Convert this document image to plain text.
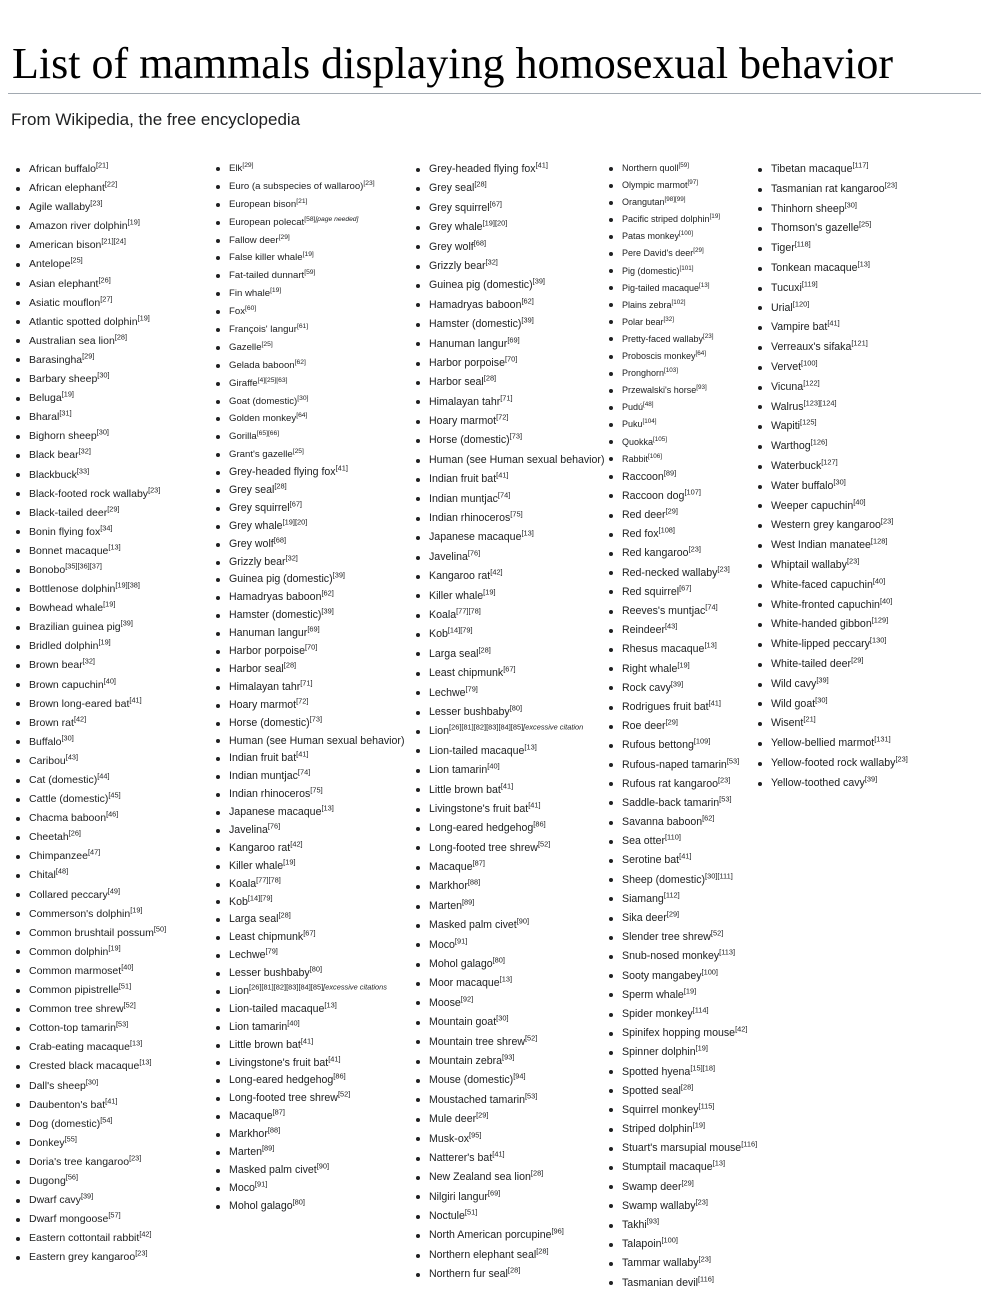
List of mammals displaying homosexual behavior

From Wikipedia, the free encyclopedia

African buffalo[21]
African elephant[22]
Agile wallaby[23]
Amazon river dolphin[19]
American bison[21][24]
Antelope[25]
Asian elephant[26]
Asiatic mouflon[27]
Atlantic spotted dolphin[19]
Australian sea lion[28]
Barasingha[29]
Barbary sheep[30]
Beluga[19]
Bharal[31]
Bighorn sheep[30]
Black bear[32]
Blackbuck[33]
Black-footed rock wallaby[23]
Black-tailed deer[29]
Bonin flying fox[34]
Bonnet macaque[13]
Bonobo[35][36][37]
Bottlenose dolphin[19][38]
Bowhead whale[19]
Brazilian guinea pig[39]
Bridled dolphin[19]
Brown bear[32]
Brown capuchin[40]
Brown long-eared bat[41]
Brown rat[42]
Buffalo[30]
Caribou[43]
Cat (domestic)[44]
Cattle (domestic)[45]
Chacma baboon[46]
Cheetah[26]
Chimpanzee[47]
Chital[48]
Collared peccary[49]
Commerson's dolphin[19]
Common brushtail possum[50]
Common dolphin[19]
Common marmoset[40]
Common pipistrelle[51]
Common tree shrew[52]
Cotton-top tamarin[53]
Crab-eating macaque[13]
Crested black macaque[13]
Dall's sheep[30]
Daubenton's bat[41]
Dog (domestic)[54]
Donkey[55]
Doria's tree kangaroo[23]
Dugong[56]
Dwarf cavy[39]
Dwarf mongoose[57]
Eastern cottontail rabbit[42]
Eastern grey kangaroo[23]
Elk[29]
Euro (a subspecies of wallaroo)[23]
European bison[21]
European polecat[58][page needed]
Fallow deer[29]
False killer whale[19]
Fat-tailed dunnart[59]
Fin whale[19]
Fox[60]
François' langur[61]
Gazelle[25]
Gelada baboon[62]
Giraffe[4][25][63]
Goat (domestic)[30]
Golden monkey[64]
Gorilla[65][66]
Grant's gazelle[25]
Grey-headed flying fox[41]
Grey seal[28]
Grey squirrel[67]
Grey whale[19][20]
Grey wolf[68]
Grizzly bear[32]
Guinea pig (domestic)[39]
Hamadryas baboon[62]
Hamster (domestic)[39]
Hanuman langur[69]
Harbor porpoise[70]
Harbor seal[28]
Himalayan tahr[71]
Hoary marmot[72]
Horse (domestic)[73]
Human (see Human sexual behavior)
Indian fruit bat[41]
Indian muntjac[74]
Indian rhinoceros[75]
Japanese macaque[13]
Javelina[76]
Kangaroo rat[42]
Killer whale[19]
Koala[77][78]
Kob[14][79]
Larga seal[28]
Least chipmunk[67]
Lechwe[79]
Lesser bushbaby[80]
Lion$^{[26][81][82][83][84][85][excessive citations}$
Lion-tailed macaque[13]
Lion tamarin[40]
Little brown bat[41]
Livingstone's fruit bat[41]
Long-eared hedgehog[86]
Long-footed tree shrew[52]
Macaque[87]
Markhor[88]
Marten[89]
Masked palm civet[90]
Moco[91]
Mohol galago[80]
Grey-headed flying fox[41]
Grey seal[28]
Grey squirrel[67]
Grey whale[19][20]
Grey wolf[68]
Grizzly bear[32]
Guinea pig (domestic)[39]
Hamadryas baboon[62]
Hamster (domestic)[39]
Hanuman langur[69]
Harbor porpoise[70]
Harbor seal[28]
Himalayan tahr[71]
Hoary marmot[72]
Horse (domestic)[73]
Human (see Human sexual behavior)
Indian fruit bat[41]
Indian muntjac[74]
Indian rhinoceros[75]
Japanese macaque[13]
Javelina[76]
Kangaroo rat[42]
Killer whale[19]
Koala[77][78]
Kob[14][79]
Larga seal[28]
Least chipmunk[67]
Lechwe[79]
Lesser bushbaby[80]
Lion$^{[26][81][82][83][84][85][excessive citation}$
Lion-tailed macaque[13]
Lion tamarin[40]
Little brown bat[41]
Livingstone's fruit bat[41]
Long-eared hedgehog[86]
Long-footed tree shrew[52]
Macaque[87]
Markhor[88]
Marten[89]
Masked palm civet[90]
Moco[91]
Mohol galago[80]
Moor macaque[13]
Moose[92]
Mountain goat[30]
Mountain tree shrew[52]
Mountain zebra[93]
Mouse (domestic)[94]
Moustached tamarin[53]
Mule deer[29]
Musk-ox[95]
Natterer's bat[41]
New Zealand sea lion[28]
Nilgiri langur[69]
Noctule[51]
North American porcupine[96]
Northern elephant seal[28]
Northern fur seal[28]
Northern quoll[59]
Olympic marmot[97]
Orangutan[98][99]
Pacific striped dolphin[19]
Patas monkey[100]
Pere David's deer[29]
Pig (domestic)[101]
Pig-tailed macaque[13]
Plains zebra[102]
Polar bear[32]
Pretty-faced wallaby[23]
Proboscis monkey[64]
Pronghorn[103]
Przewalski's horse[93]
Pudú[48]
Puku[104]
Quokka[105]
Rabbit[106]
Raccoon[89]
Raccoon dog[107]
Red deer[29]
Red fox[108]
Red kangaroo[23]
Red-necked wallaby[23]
Red squirrel[67]
Reeves's muntjac[74]
Reindeer[43]
Rhesus macaque[13]
Right whale[19]
Rock cavy[39]
Rodrigues fruit bat[41]
Roe deer[29]
Rufous bettong[109]
Rufous-naped tamarin[53]
Rufous rat kangaroo[23]
Saddle-back tamarin[53]
Savanna baboon[62]
Sea otter[110]
Serotine bat[41]
Sheep (domestic)[30][111]
Siamang[112]
Sika deer[29]
Slender tree shrew[52]
Snub-nosed monkey[113]
Sooty mangabey[100]
Sperm whale[19]
Spider monkey[114]
Spinifex hopping mouse[42]
Spinner dolphin[19]
Spotted hyena[15][18]
Spotted seal[28]
Squirrel monkey[115]
Striped dolphin[19]
Stuart's marsupial mouse[116]
Stumptail macaque[13]
Swamp deer[29]
Swamp wallaby[23]
Takhi[93]
Talapoin[100]
Tammar wallaby[23]
Tasmanian devil[116]
Tibetan macaque[117]
Tasmanian rat kangaroo[23]
Thinhorn sheep[30]
Thomson's gazelle[25]
Tiger[118]
Tonkean macaque[13]
Tucuxi[119]
Urial[120]
Vampire bat[41]
Verreaux's sifaka[121]
Vervet[100]
Vicuna[122]
Walrus[123][124]
Wapiti[125]
Warthog[126]
Waterbuck[127]
Water buffalo[30]
Weeper capuchin[40]
Western grey kangaroo[23]
West Indian manatee[128]
Whiptail wallaby[23]
White-faced capuchin[40]
White-fronted capuchin[40]
White-handed gibbon[129]
White-lipped peccary[130]
White-tailed deer[29]
Wild cavy[39]
Wild goat[30]
Wisent[21]
Yellow-bellied marmot[131]
Yellow-footed rock wallaby[23]
Yellow-toothed cavy[39]
